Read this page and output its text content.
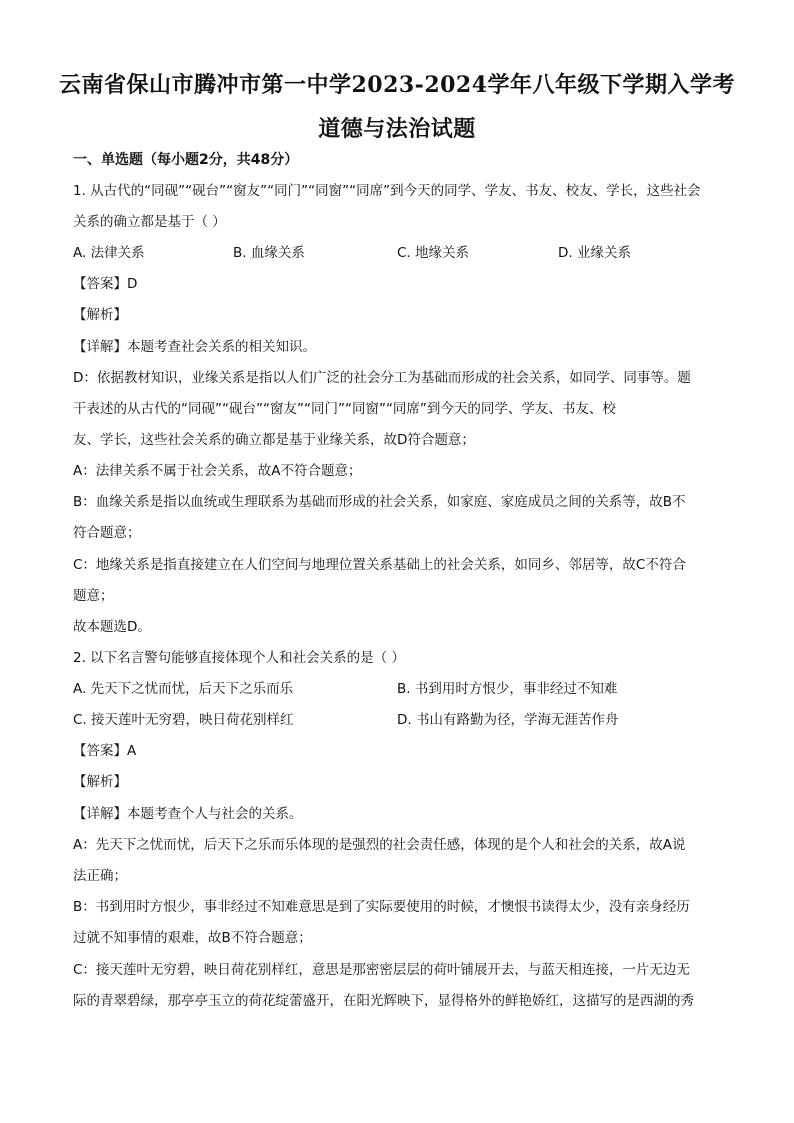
云南省保山市腾冲市第一中学2023-2024学年八年级下学期入学考
道德与法治试题
一、单选题（每小题2分，共48分）
1. 从古代的“同砚”“砚台”“窗友”“同门”“同窗”“同席”到今天的同学、学友、书友、校友、学长，这些社会
关系的确立都是基于（ ）
A. 法律关系	B. 血缘关系	C. 地缘关系	D. 业缘关系
【答案】D
【解析】
【详解】本题考查社会关系的相关知识。
D：依据教材知识，业缘关系是指以人们广泛的社会分工为基础而形成的社会关系，如同学、同事等。题
干表述的从古代的“同砚”“砚台”“窗友”“同门”“同窗”“同席”到今天的同学、学友、书友、校
友、学长，这些社会关系的确立都是基于业缘关系，故D符合题意；
A：法律关系不属于社会关系，故A不符合题意；
B：血缘关系是指以血统或生理联系为基础而形成的社会关系，如家庭、家庭成员之间的关系等，故B不
符合题意；
C：地缘关系是指直接建立在人们空间与地理位置关系基础上的社会关系，如同乡、邻居等，故C不符合
题意；
故本题选D。
2. 以下名言警句能够直接体现个人和社会关系的是（ ）
A. 先天下之忧而忧，后天下之乐而乐	B. 书到用时方恨少，事非经过不知难
C. 接天莲叶无穷碧，映日荷花别样红	D. 书山有路勤为径，学海无涯苦作舟
【答案】A
【解析】
【详解】本题考查个人与社会的关系。
A：先天下之忧而忧，后天下之乐而乐体现的是强烈的社会责任感，体现的是个人和社会的关系，故A说
法正确；
B：书到用时方恨少，事非经过不知难意思是到了实际要使用的时候，才懊恨书读得太少，没有亲身经历
过就不知事情的艰难，故B不符合题意；
C：接天莲叶无穷碧，映日荷花别样红，意思是那密密层层的荷叶铺展开去，与蓝天相连接，一片无边无
际的青翠碧绿，那亭亭玉立的荷花绽蕾盛开，在阳光辉映下，显得格外的鲜艳娇红，这描写的是西湖的秀
